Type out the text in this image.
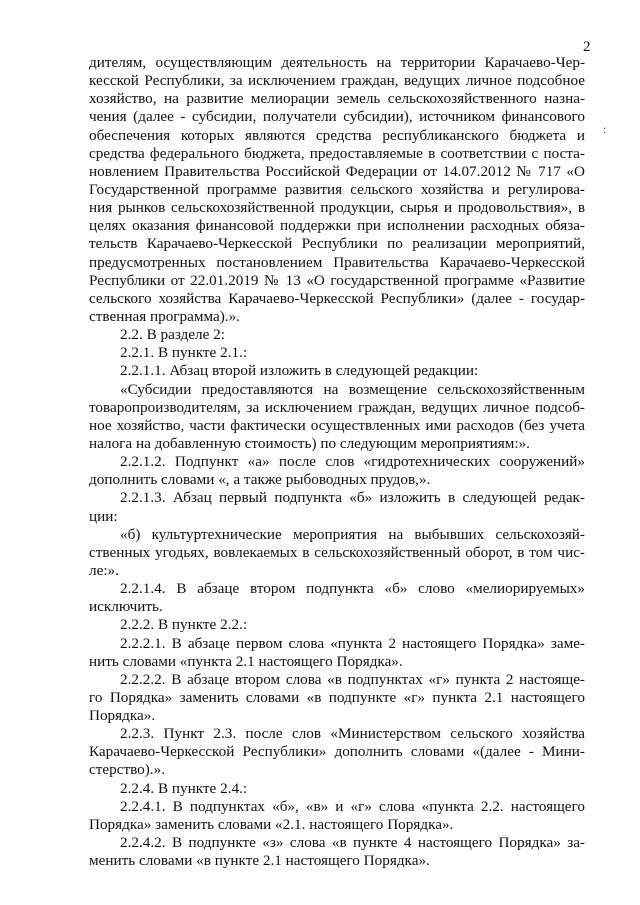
2
:
дителям, осуществляющим деятельность на территории Карачаево-Чер-
кесской Республики, за исключением граждан, ведущих личное подсобное
хозяйство, на развитие мелиорации земель сельскохозяйственного назна-
чения (далее - субсидии, получатели субсидии), источником финансового
обеспечения которых являются средства республиканского бюджета и
средства федерального бюджета, предоставляемые в соответствии с поста-
новлением Правительства Российской Федерации от 14.07.2012 № 717 «О
Государственной программе развития сельского хозяйства и регулирова-
ния рынков сельскохозяйственной продукции, сырья и продовольствия», в
целях оказания финансовой поддержки при исполнении расходных обяза-
тельств Карачаево-Черкесской Республики по реализации мероприятий,
предусмотренных постановлением Правительства Карачаево-Черкесской
Республики от 22.01.2019 № 13 «О государственной программе «Развитие
сельского хозяйства Карачаево-Черкесской Республики» (далее - государ-
ственная программа).».
2.2. В разделе 2:
2.2.1. В пункте 2.1.:
2.2.1.1. Абзац второй изложить в следующей редакции:
«Субсидии предоставляются на возмещение сельскохозяйственным
товаропроизводителям, за исключением граждан, ведущих личное подсоб-
ное хозяйство, части фактически осуществленных ими расходов (без учета
налога на добавленную стоимость) по следующим мероприятиям:».
2.2.1.2. Подпункт «а» после слов «гидротехнических сооружений»
дополнить словами «, а также рыбоводных прудов,».
2.2.1.3. Абзац первый подпункта «б» изложить в следующей редак-
ции:
«б) культуртехнические мероприятия на выбывших сельскохозяй-
ственных угодьях, вовлекаемых в сельскохозяйственный оборот, в том чис-
ле:».
2.2.1.4. В абзаце втором подпункта «б» слово «мелиорируемых»
исключить.
2.2.2. В пункте 2.2.:
2.2.2.1. В абзаце первом слова «пункта 2 настоящего Порядка» заме-
нить словами «пункта 2.1 настоящего Порядка».
2.2.2.2. В абзаце втором слова «в подпунктах «г» пункта 2 настояще-
го Порядка» заменить словами «в подпункте «г» пункта 2.1 настоящего
Порядка».
2.2.3. Пункт 2.3. после слов «Министерством сельского хозяйства
Карачаево-Черкесской Республики» дополнить словами «(далее - Мини-
стерство).».
2.2.4. В пункте 2.4.:
2.2.4.1. В подпунктах «б», «в» и «г» слова «пункта 2.2. настоящего
Порядка» заменить словами «2.1. настоящего Порядка».
2.2.4.2. В подпункте «з» слова «в пункте 4 настоящего Порядка» за-
менить словами «в пункте 2.1 настоящего Порядка».
